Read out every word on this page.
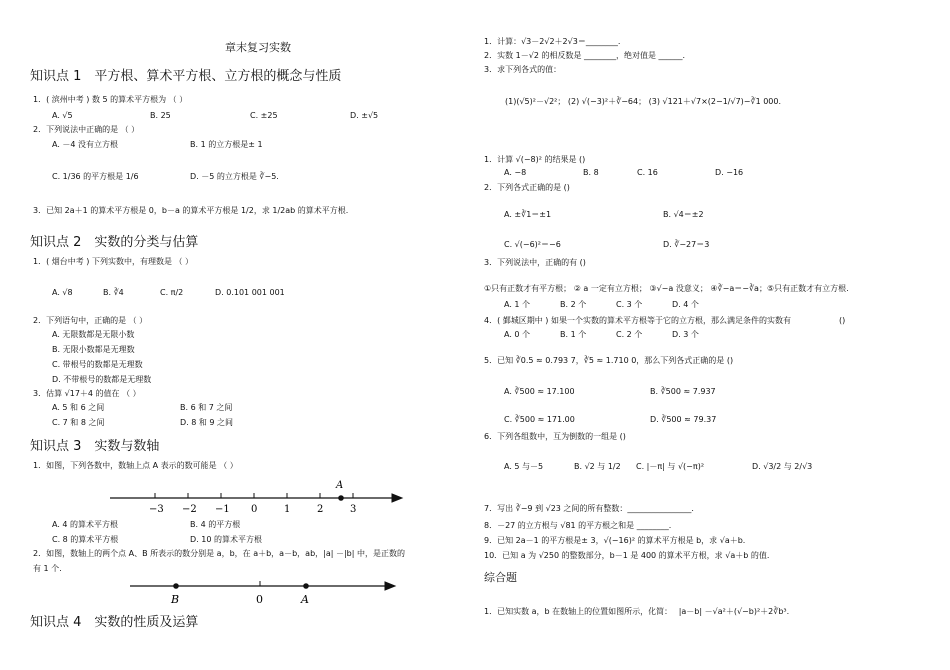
章末复习实数
知识点 1　平方根、算术平方根、立方根的概念与性质
1．( 滨州中考 ) 数 5 的算术平方根为 （ ）
A. √5	B. 25	C. ±25	D. ±√5
2．下列说法中正确的是 （ ）
A. －4 没有立方根	B. 1 的立方根是± 1
C. 1/36 的平方根是 1/6	D. －5 的立方根是 ∛−5.
3．已知 2a＋1 的算术平方根是 0，b－a 的算术平方根是 1/2，求 1/2ab 的算术平方根.
知识点 2　实数的分类与估算
1．( 烟台中考 ) 下列实数中，有理数是 （ ）
A. √8	B. ∛4	C. π/2	D. 0.101 001 001
2．下列语句中，正确的是 （ ）
A. 无限数都是无限小数
B. 无限小数都是无理数
C. 带根号的数都是无理数
D. 不带根号的数都是无理数
3．估算 √17＋4 的值在 （ ）
A. 5 和 6 之间	B. 6 和 7 之间
C. 7 和 8 之间	D. 8 和 9 之间
知识点 3　实数与数轴
1．如图，下列各数中，数轴上点 A 表示的数可能是 （ ）
A
−3 −2 −1 0	1	2	3
A. 4 的算术平方根	B. 4 的平方根
C. 8 的算术平方根	D. 10 的算术平方根
2．如图，数轴上的两个点 A、B 所表示的数分别是 a，b，在 a＋b，a－b，ab，|a| －|b| 中，是正数的
有 1 个.
B	0	A
知识点 4　实数的性质及运算
1．计算：√3－2√2＋2√3＝________.
2．实数 1－√2 的相反数是 ________，绝对值是 ______.
3．求下列各式的值：
(1)(√5)²－√2²； (2) √(−3)²＋∛−64； (3) √121＋√7×(2−1/√7)−∛1 000.
1．计算 √(−8)² 的结果是 ()
A. −8	B. 8	C. 16	D. −16
2．下列各式正确的是 ()
A. ±∛1＝±1	B. √4＝±2
C. √(−6)²＝−6	D. ∛−27＝3
3．下列说法中，正确的有 ()
①只有正数才有平方根； ② a 一定有立方根； ③√−a 没意义； ④∛−a＝−∛a；⑤只有正数才有立方根.
A. 1 个	B. 2 个	C. 3 个	D. 4 个
4．( 鄞城区期中 ) 如果一个实数的算术平方根等于它的立方根，那么满足条件的实数有　　　　　　()
A. 0 个	B. 1 个	C. 2 个	D. 3 个
5．已知 ∛0.5 ≈ 0.793 7，∛5 ≈ 1.710 0，那么下列各式正确的是 ()
A. ∛500 ≈ 17.100	B. ∛500 ≈ 7.937
C. ∛500 ≈ 171.00	D. ∛500 ≈ 79.37
6．下列各组数中，互为倒数的一组是 ()
A. 5 与－5	B. √2 与 1/2 C. |－π| 与 √(−π)²	D. √3/2 与 2/√3
7．写出 ∛−9 到 √23 之间的所有整数：________________.
8．－27 的立方根与 √81 的平方根之和是 ________.
9．已知 2a－1 的平方根是± 3，√(−16)² 的算术平方根是 b，求 √a＋b.
10．已知 a 为 √250 的整数部分，b－1 是 400 的算术平方根，求 √a＋b 的值.
综合题
1．已知实数 a，b 在数轴上的位置如图所示，化简：　 |a－b| －√a²＋(√−b)²＋2∛b³.
